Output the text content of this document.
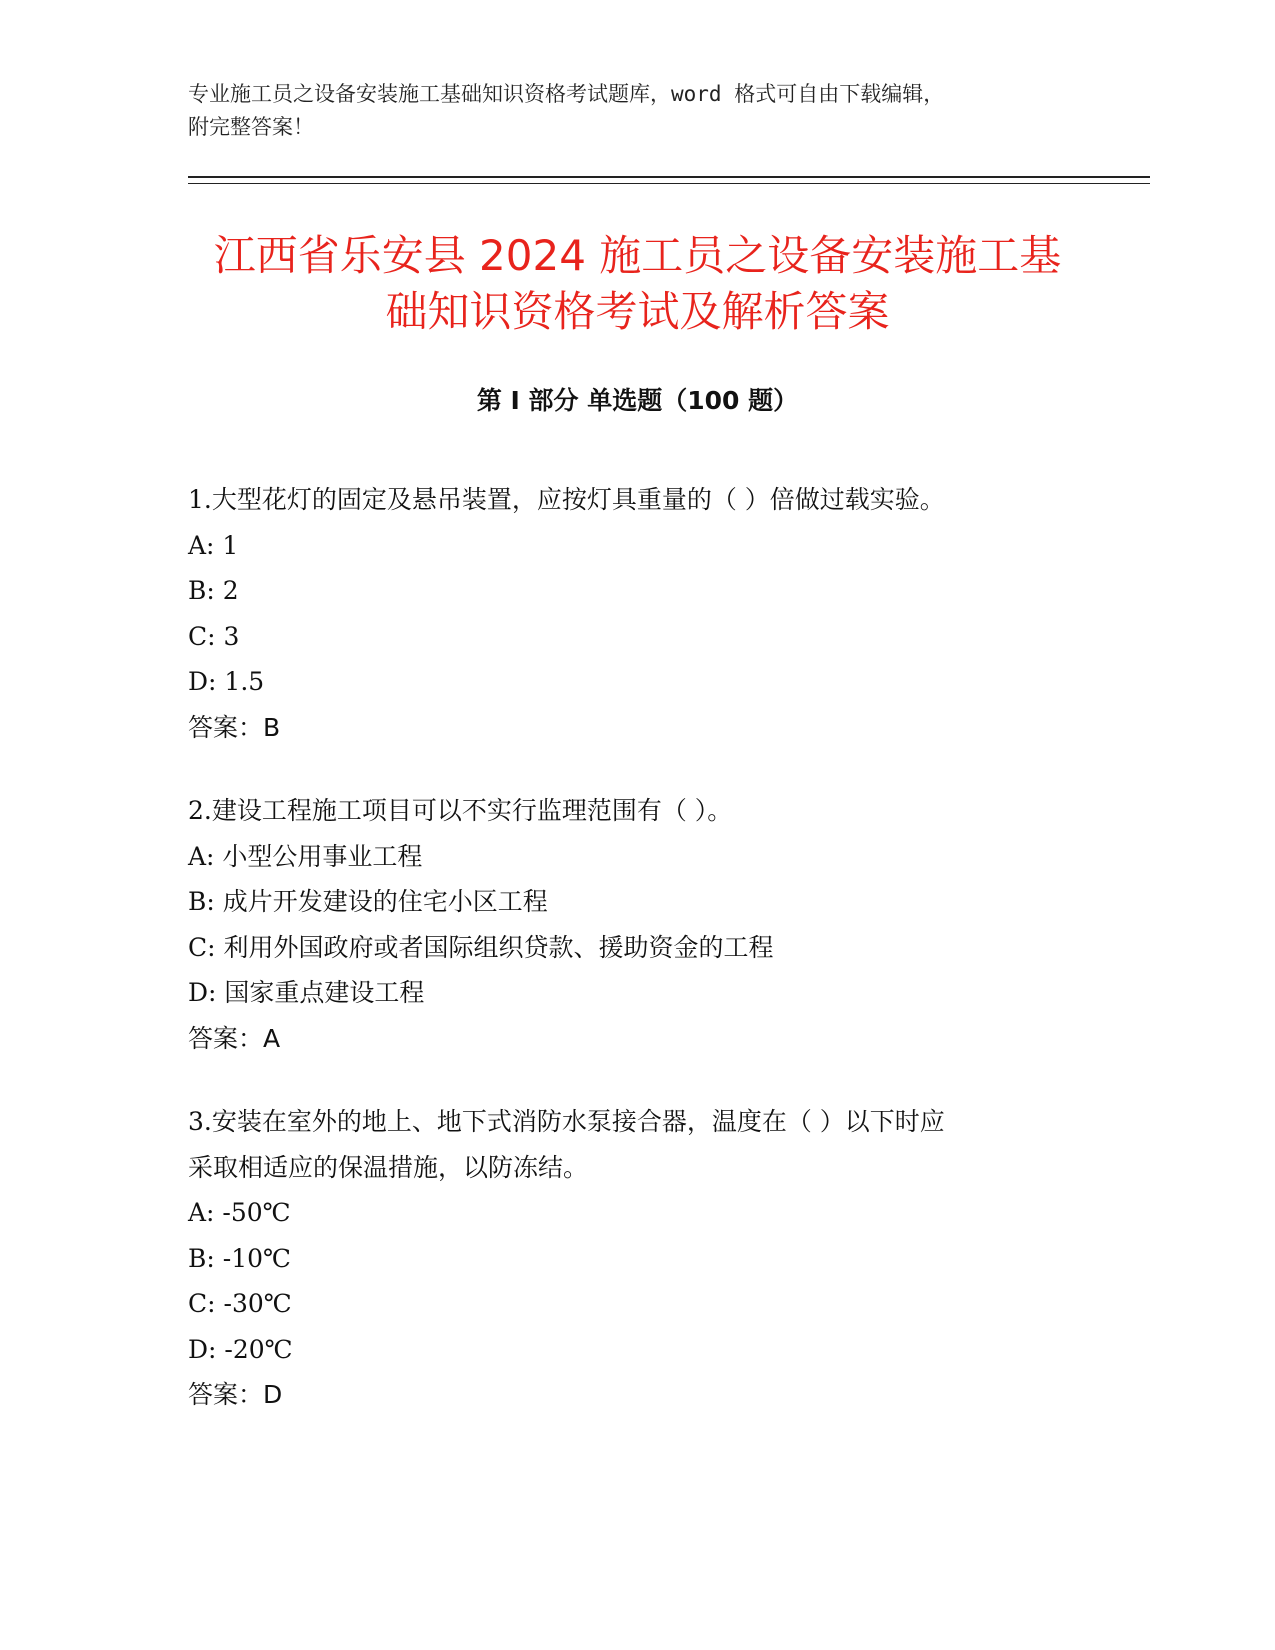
专业施工员之设备安装施工基础知识资格考试题库，word 格式可自由下载编辑，
附完整答案！
江西省乐安县 2024 施工员之设备安装施工基
础知识资格考试及解析答案
第 I 部分 单选题（100 题）

1.大型花灯的固定及悬吊装置，应按灯具重量的（ ）倍做过载实验。

A: 1

B: 2

C: 3

D: 1.5

答案：B

2.建设工程施工项目可以不实行监理范围有（ ）。

A: 小型公用事业工程

B: 成片开发建设的住宅小区工程

C: 利用外国政府或者国际组织贷款、援助资金的工程

D: 国家重点建设工程

答案：A

3.安装在室外的地上、地下式消防水泵接合器，温度在（ ）以下时应
采取相适应的保温措施，以防冻结。

A: -50℃

B: -10℃

C: -30℃

D: -20℃

答案：D
